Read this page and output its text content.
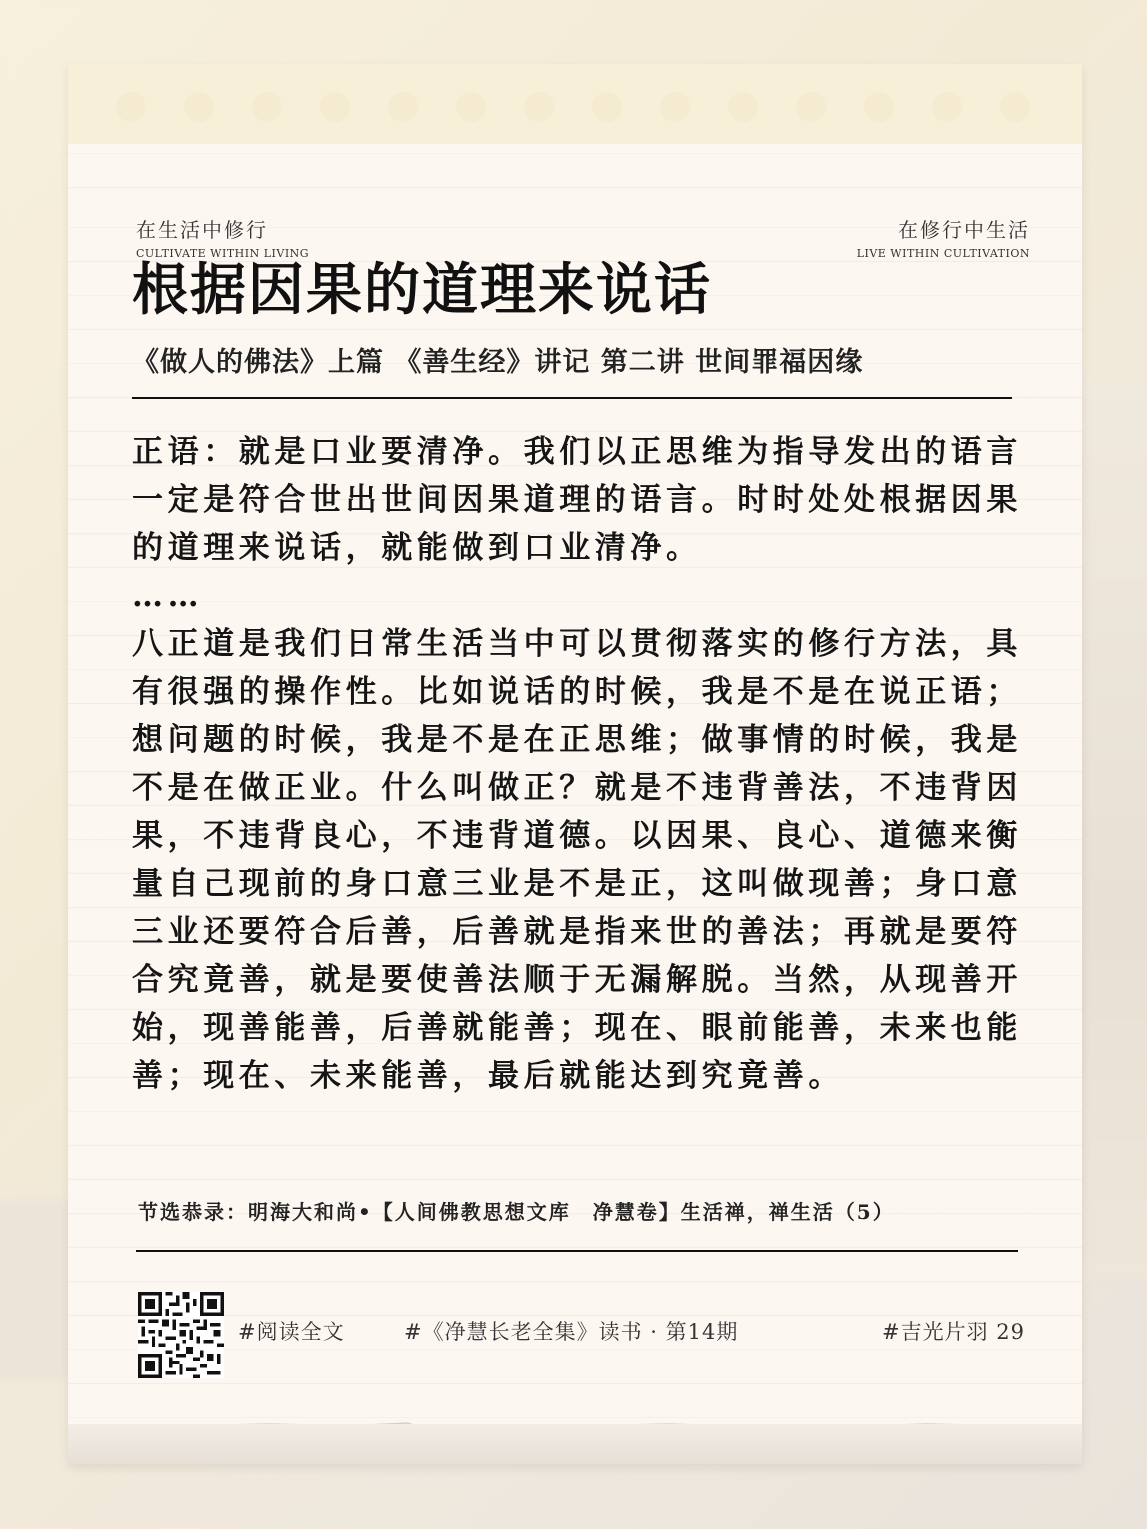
在生活中修行
CULTIVATE WITHIN LIVING
在修行中生活
LIVE WITHIN CULTIVATION
根据因果的道理来说话
《做人的佛法》上篇 《善生经》讲记 第二讲 世间罪福因缘

正语：就是口业要清净。我们以正思维为指导发出的语言一定是符合世出世间因果道理的语言。时时处处根据因果的道理来说话，就能做到口业清净。

……

八正道是我们日常生活当中可以贯彻落实的修行方法，具有很强的操作性。比如说话的时候，我是不是在说正语；想问题的时候，我是不是在正思维；做事情的时候，我是不是在做正业。什么叫做正？就是不违背善法，不违背因果，不违背良心，不违背道德。以因果、良心、道德来衡量自己现前的身口意三业是不是正，这叫做现善；身口意三业还要符合后善，后善就是指来世的善法；再就是要符合究竟善，就是要使善法顺于无漏解脱。当然，从现善开始，现善能善，后善就能善；现在、眼前能善，未来也能善；现在、未来能善，最后就能达到究竟善。

节选恭录：明海大和尚•【人间佛教思想文库　净慧卷】生活禅，禅生活（5）
#阅读全文	#《净慧长老全集》读书 · 第14期	#吉光片羽 29
